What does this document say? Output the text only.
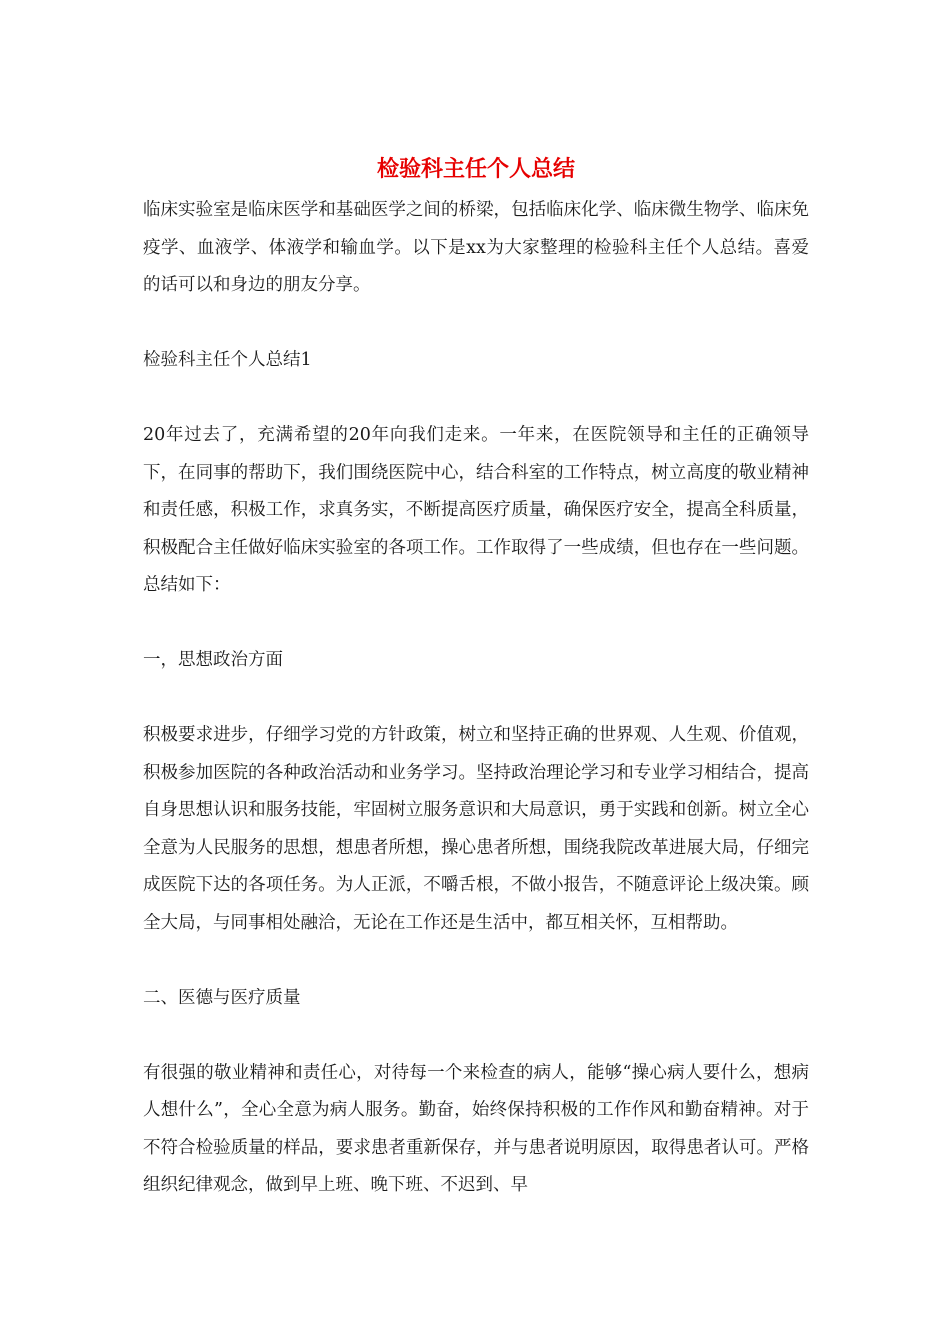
检验科主任个人总结

临床实验室是临床医学和基础医学之间的桥梁，包括临床化学、临床微生物学、临床免疫学、血液学、体液学和输血学。以下是xx为大家整理的检验科主任个人总结。喜爱的话可以和身边的朋友分享。

检验科主任个人总结1

20年过去了，充满希望的20年向我们走来。一年来，在医院领导和主任的正确领导下，在同事的帮助下，我们围绕医院中心，结合科室的工作特点，树立高度的敬业精神和责任感，积极工作，求真务实，不断提高医疗质量，确保医疗安全，提高全科质量，积极配合主任做好临床实验室的各项工作。工作取得了一些成绩，但也存在一些问题。总结如下：

一，思想政治方面

积极要求进步，仔细学习党的方针政策，树立和坚持正确的世界观、人生观、价值观，积极参加医院的各种政治活动和业务学习。坚持政治理论学习和专业学习相结合，提高自身思想认识和服务技能，牢固树立服务意识和大局意识，勇于实践和创新。树立全心全意为人民服务的思想，想患者所想，操心患者所想，围绕我院改革进展大局，仔细完成医院下达的各项任务。为人正派，不嚼舌根，不做小报告，不随意评论上级决策。顾全大局，与同事相处融洽，无论在工作还是生活中，都互相关怀，互相帮助。

二、医德与医疗质量

有很强的敬业精神和责任心，对待每一个来检查的病人，能够“操心病人要什么，想病人想什么”，全心全意为病人服务。勤奋，始终保持积极的工作作风和勤奋精神。对于不符合检验质量的样品，要求患者重新保存，并与患者说明原因，取得患者认可。严格组织纪律观念，做到早上班、晚下班、不迟到、早
